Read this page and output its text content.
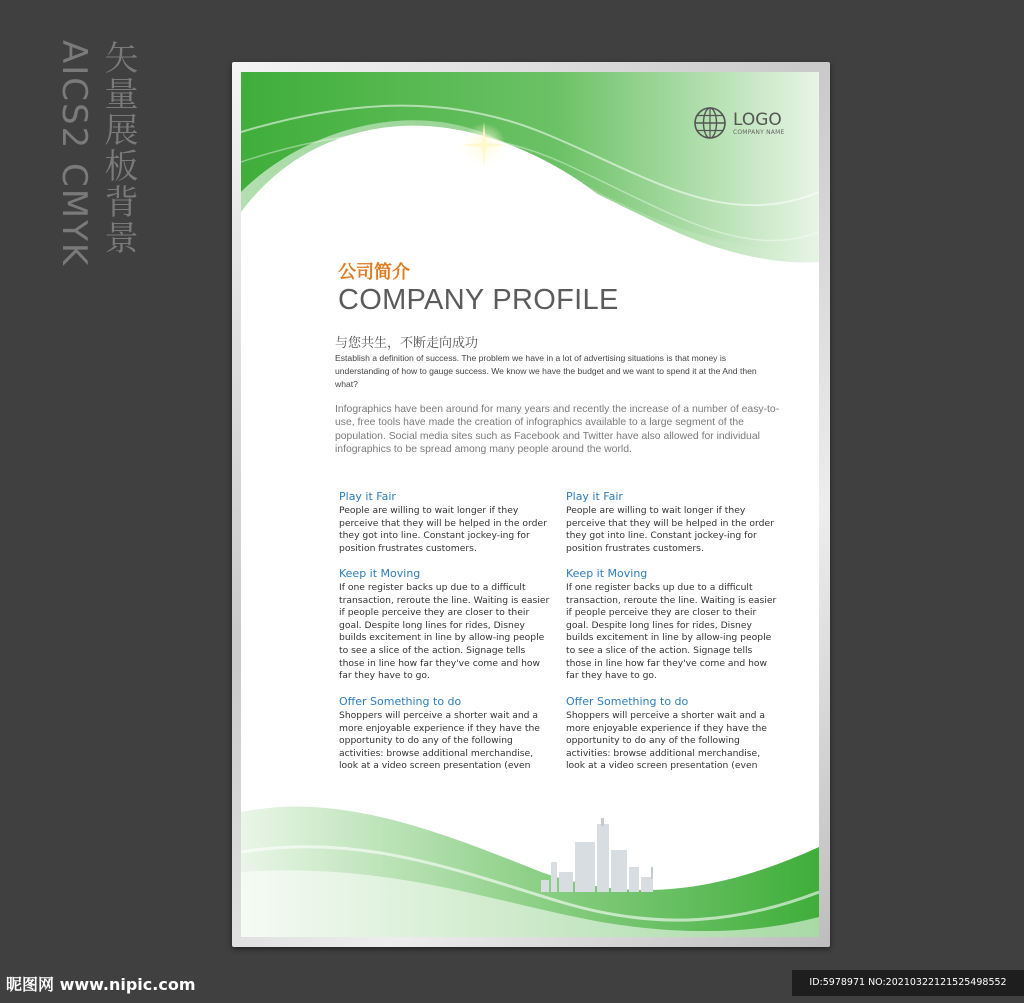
矢量展板背景
AICS2 CMYK	LOGO
COMPANY NAME
公司简介
COMPANY PROFILE
与您共生，不断走向成功
Establish a definition of success. The problem we have in a lot of advertising situations is that money is understanding of how to gauge success. We know we have the budget and we want to spend it at the And then what?
Infographics have been around for many years and recently the increase of a number of easy-to-use, free tools have made the creation of infographics available to a large segment of the population. Social media sites such as Facebook and Twitter have also allowed for individual infographics to be spread among many people around the world.
Play it Fair
People are willing to wait longer if they perceive that they will be helped in the order they got into line. Constant jockey-ing for position frustrates customers.
Keep it Moving
If one register backs up due to a difficult transaction, reroute the line. Waiting is easier if people perceive they are closer to their goal. Despite long lines for rides, Disney builds excitement in line by allow-ing people to see a slice of the action. Signage tells those in line how far they've come and how far they have to go.
Offer Something to do
Shoppers will perceive a shorter wait and a more enjoyable experience if they have the opportunity to do any of the following activities: browse additional merchandise, look at a video screen presentation (even
Play it Fair
People are willing to wait longer if they perceive that they will be helped in the order they got into line. Constant jockey-ing for position frustrates customers.
Keep it Moving
If one register backs up due to a difficult transaction, reroute the line. Waiting is easier if people perceive they are closer to their goal. Despite long lines for rides, Disney builds excitement in line by allow-ing people to see a slice of the action. Signage tells those in line how far they've come and how far they have to go.
Offer Something to do
Shoppers will perceive a shorter wait and a more enjoyable experience if they have the opportunity to do any of the following activities: browse additional merchandise, look at a video screen presentation (even
昵图网 www.nipic.com	ID:5978971 NO:20210322121525498552
